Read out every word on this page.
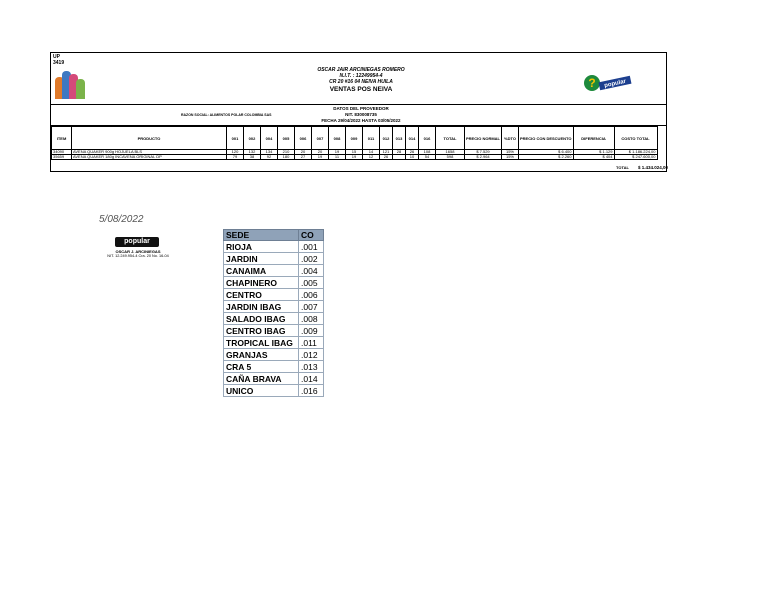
UP
3419
OSCAR JAIR ARCINIEGAS ROMERO
N.I.T. : 12249954-4
CR 20 #16 04 NEIVA HUILA
VENTAS POS NEIVA	? popular
DATOS DEL PROVEEDOR
NIT. 830008735
FECHA 29/04/2022 HASTA 03/05/2022
RAZON SOCIAL: ALIMENTOS POLAR COLOMBIA SAS
ITEM	PRODUCTO	001	002	004	005	006	007	008	009	011	012	013	014	016	TOTAL	PRECIO NORMAL	%DTO	PRECIO CON DESCUENTO	DIFERENCIA	COSTO TOTAL
34090	AVENA QUAKER 900g HOJUELA BLS	120	132	134	210	20	20	19	15	14	121	28	26	108	1658	$ 7.529	15%	$ 6.400	$ 1.129	$ 1.186.224,00
35659	AVENA QUAKER 180g INCAVENA ORIGINAL DP	79	38	92	180	27	19	11	19	12	26		10	54	598	$ 2.964	15%	$ 2.260	$ 404	$ 247.600,00
TOTAL	$ 1.434.024,00
5/08/2022
popular
OSCAR J. ARCINIEGAS
NIT. 12.249.954-4 Cra. 20 No. 16-04
SEDE	CO
RIOJA	.001
JARDIN	.002
CANAIMA	.004
CHAPINERO	.005
CENTRO	.006
JARDIN IBAG	.007
SALADO IBAG	.008
CENTRO IBAG	.009
TROPICAL IBAG	.011
GRANJAS	.012
CRA 5	.013
CAÑA BRAVA	.014
UNICO	.016
